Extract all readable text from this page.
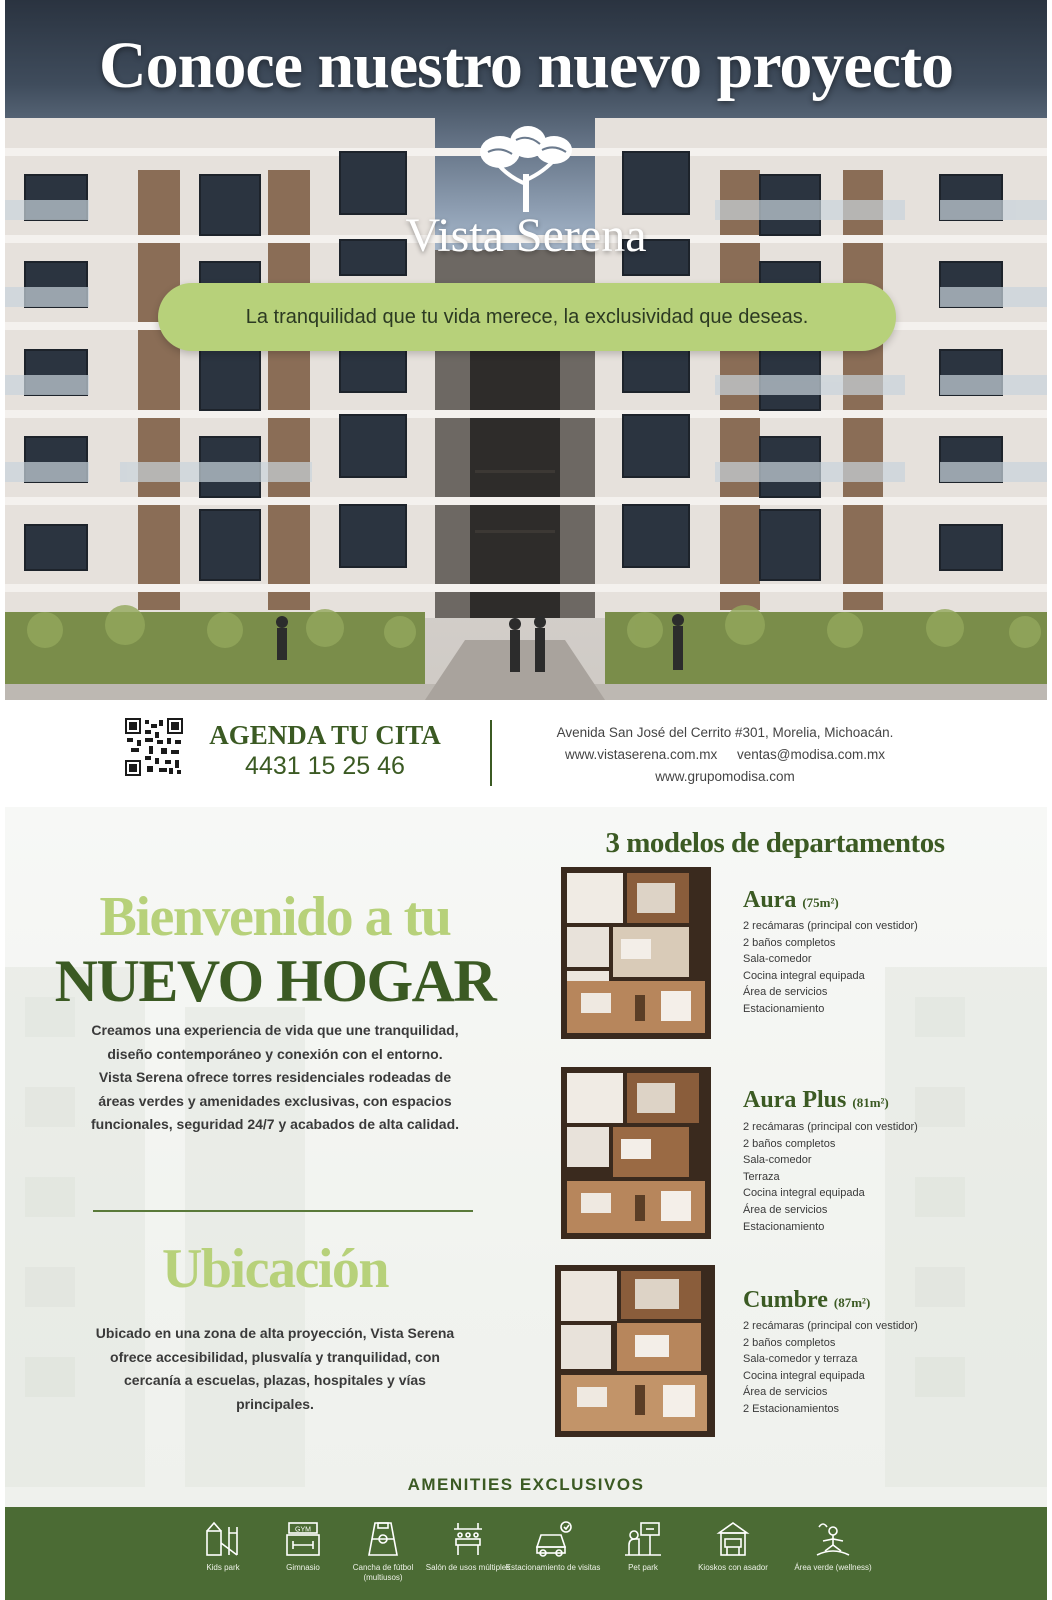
Conoce nuestro nuevo proyecto
Vista Serena
La tranquilidad que tu vida merece, la exclusividad que deseas.
AGENDA TU CITA
4431 15 25 46
Avenida San José del Cerrito #301, Morelia, Michoacán.
www.vistaserena.com.mx ventas@modisa.com.mx
www.grupomodisa.com
3 modelos de departamentos
Bienvenido a tu
NUEVO HOGAR

Creamos una experiencia de vida que une tranquilidad, diseño contemporáneo y conexión con el entorno.

Vista Serena ofrece torres residenciales rodeadas de áreas verdes y amenidades exclusivas, con espacios funcionales, seguridad 24/7 y acabados de alta calidad.

Ubicación
Ubicado en una zona de alta proyección, Vista Serena ofrece accesibilidad, plusvalía y tranquilidad, con cercanía a escuelas, plazas, hospitales y vías principales.
Aura (75m²)
2 recámaras (principal con vestidor)
2 baños completos
Sala-comedor
Cocina integral equipada
Área de servicios
Estacionamiento
Aura Plus (81m²)
2 recámaras (principal con vestidor)
2 baños completos
Sala-comedor
Terraza
Cocina integral equipada
Área de servicios
Estacionamiento
Cumbre (87m²)
2 recámaras (principal con vestidor)
2 baños completos
Sala-comedor y terraza
Cocina integral equipada
Área de servicios
2 Estacionamientos
AMENITIES EXCLUSIVOS
Kids park
GYM
Gimnasio	Cancha de fútbol (multiusos)
Salón de usos múltiples
Estacionamiento de visitas	Pet park	Kioskos con asador	Área verde (wellness)
